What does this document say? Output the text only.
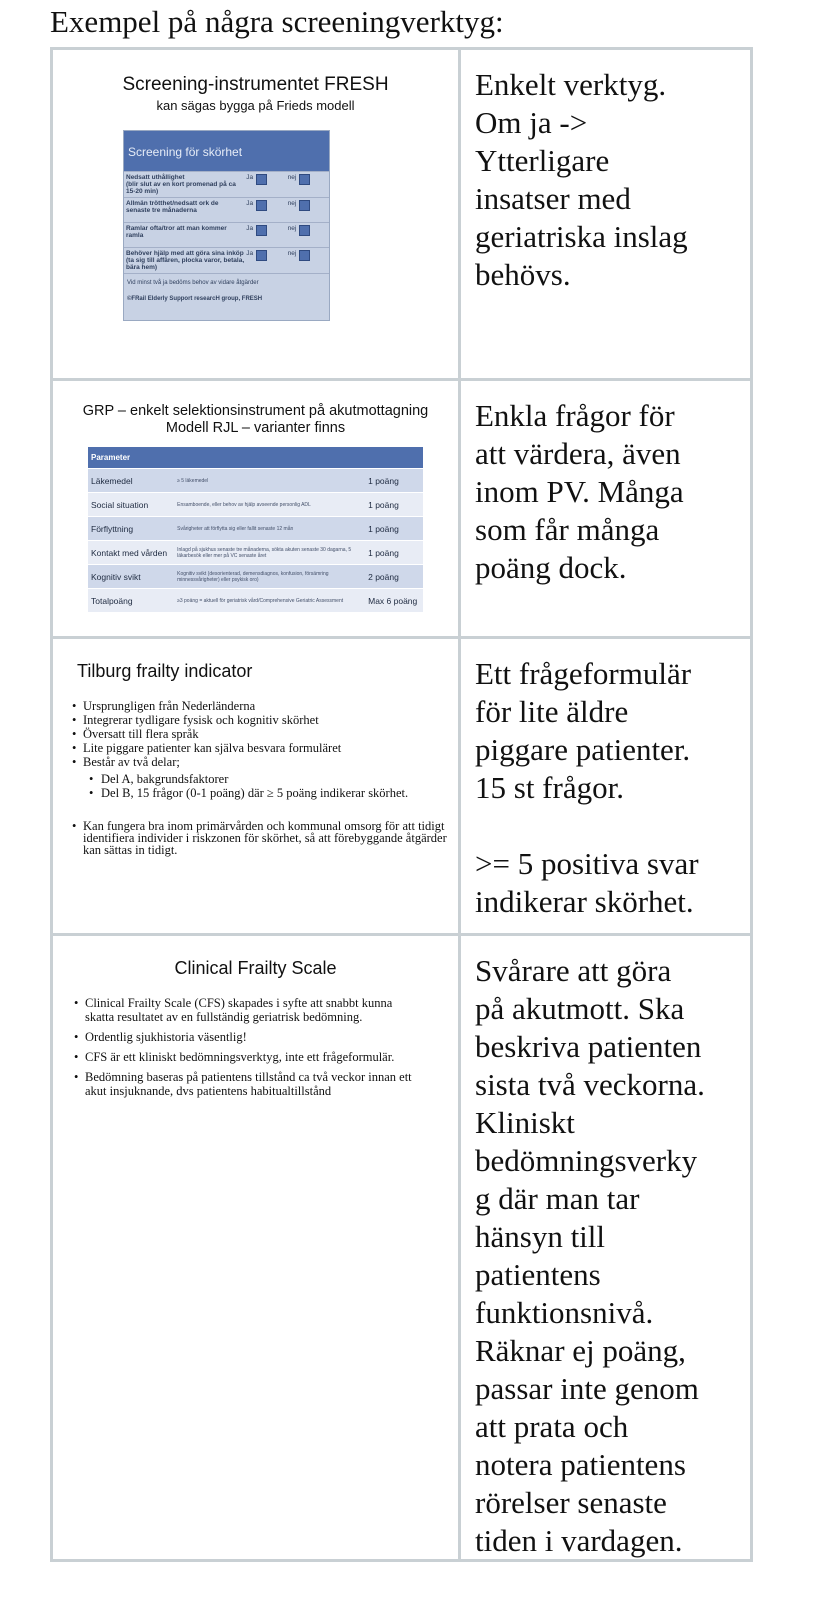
Exempel på några screeningverktyg:
Screening-instrumentet FRESH
kan sägas bygga på Frieds modell
Screening för skörhet
Nedsatt uthållighet
(blir slut av en kort promenad på ca 15-20 min)
Ja	nej
Allmän trötthet/nedsatt ork de senaste tre månaderna
Ja	nej
Ramlar ofta/tror att man kommer ramla
Ja	nej
Behöver hjälp med att göra sina inköp
(ta sig till affären, plocka varor, betala, bära hem)
Ja	nej
Vid minst två ja bedöms behov av vidare åtgärder
©FRail Elderly Support researcH group, FRESH
Enkelt verktyg.
Om ja ->
Ytterligare
insatser med
geriatriska inslag
behövs.
GRP – enkelt selektionsinstrument på akutmottagning
Modell RJL – varianter finns
Parameter		
Läkemedel	≥ 5 läkemedel	1 poäng
Social situation	Ensamboende, eller behov av hjälp avseende personlig ADL	1 poäng
Förflyttning	Svårigheter att förflytta sig eller fallit senaste 12 mån	1 poäng
Kontakt med vården	Inlagd på sjukhus senaste tre månaderna, sökta akuten senaste 30 dagarna, 5 läkarbesök eller mer på VC senaste året	1 poäng
Kognitiv svikt	Kognitiv svikt (desorienterad, demensdiagnos, konfusion, försämring minnessvårigheter) eller psykisk oro)	2 poäng
Totalpoäng	≥3 poäng = aktuell för geriatrisk vård/Comprehensive Geriatric Assessment	Max 6 poäng
Enkla frågor för
att värdera, även
inom PV. Många
som får många
poäng dock.
Tilburg frailty indicator
• Ursprungligen från Nederländerna
• Integrerar tydligare fysisk och kognitiv skörhet
• Översatt till flera språk
• Lite piggare patienter kan själva besvara formuläret
• Består av två delar;
• Del A, bakgrundsfaktorer
• Del B, 15 frågor (0-1 poäng) där ≥ 5 poäng indikerar skörhet.
• Kan fungera bra inom primärvården och kommunal omsorg för att tidigt identifiera individer i riskzonen för skörhet, så att förebyggande åtgärder kan sättas in tidigt.
Ett frågeformulär
för lite äldre
piggare patienter.
15 st frågor.

>= 5 positiva svar
indikerar skörhet.
Clinical Frailty Scale
• Clinical Frailty Scale (CFS) skapades i syfte att snabbt kunna skatta resultatet av en fullständig geriatrisk bedömning.
• Ordentlig sjukhistoria väsentlig!
• CFS är ett kliniskt bedömningsverktyg, inte ett frågeformulär.
• Bedömning baseras på patientens tillstånd ca två veckor innan ett akut insjuknande, dvs patientens habitualtillstånd
Svårare att göra
på akutmott. Ska
beskriva patienten
sista två veckorna.
Kliniskt
bedömningsverky
g där man tar
hänsyn till
patientens
funktionsnivå.
Räknar ej poäng,
passar inte genom
att prata och
notera patientens
rörelser senaste
tiden i vardagen.
